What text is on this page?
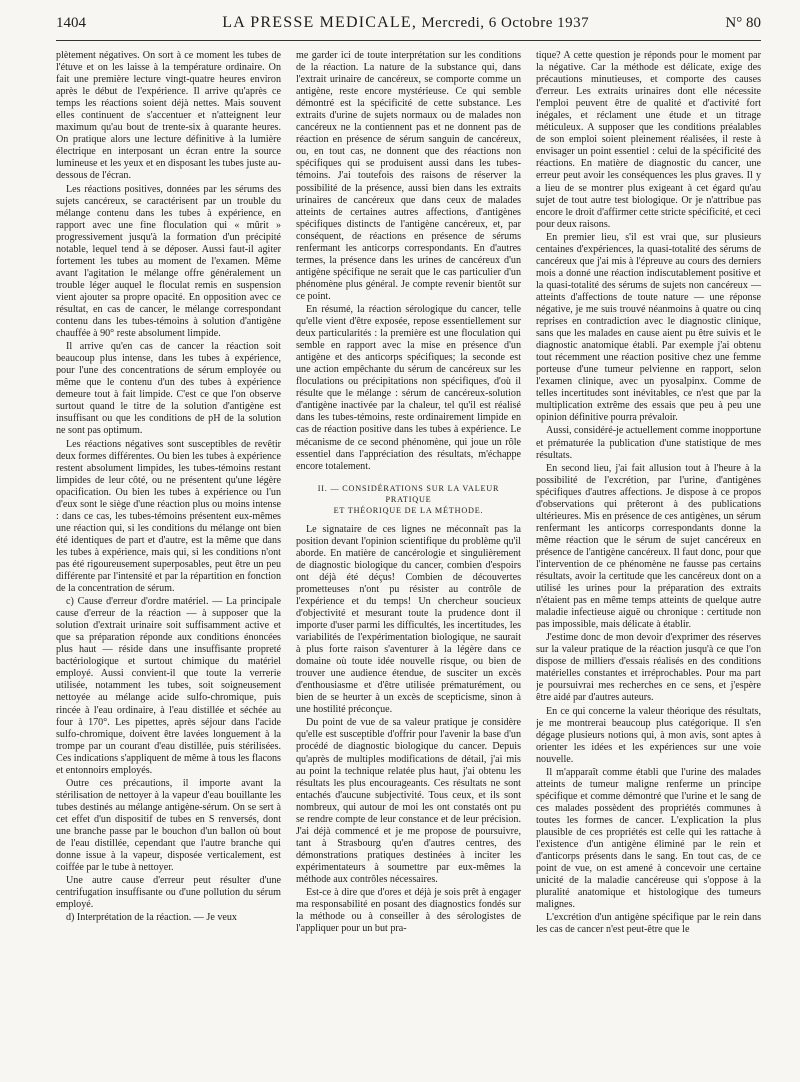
1404	LA PRESSE MEDICALE, Mercredi, 6 Octobre 1937	N° 80

plètement négatives. On sort à ce moment les tubes de l'étuve et on les laisse à la température ordinaire. On fait une première lecture vingt-quatre heures environ après le début de l'expérience. Il arrive qu'après ce temps les réactions soient déjà nettes. Mais souvent elles continuent de s'accentuer et n'atteignent leur maximum qu'au bout de trente-six à quarante heures. On pratique alors une lecture définitive à la lumière électrique en interposant un écran entre la source lumineuse et les yeux et en disposant les tubes juste au-dessous de l'écran.

Les réactions positives, données par les sérums des sujets cancéreux, se caractérisent par un trouble du mélange contenu dans les tubes à expérience, en rapport avec une fine floculation qui « mûrit » progressivement jusqu'à la formation d'un précipité notable, lequel tend à se déposer. Aussi faut-il agiter fortement les tubes au moment de l'examen. Même avant l'agitation le mélange offre généralement un trouble léger auquel le floculat remis en suspension vient ajouter sa propre opacité. En opposition avec ce résultat, en cas de cancer, le mélange correspondant contenu dans les tubes-témoins à solution d'antigène chauffée à 90° reste absolument limpide.

Il arrive qu'en cas de cancer la réaction soit beaucoup plus intense, dans les tubes à expérience, pour l'une des concentrations de sérum employée ou même que le contenu d'un des tubes à expérience demeure tout à fait limpide. C'est ce que l'on observe surtout quand le titre de la solution d'antigène est insuffisant ou que les conditions de pH de la solution ne sont pas optimum.

Les réactions négatives sont susceptibles de revêtir deux formes différentes. Ou bien les tubes à expérience restent absolument limpides, les tubes-témoins restant limpides de leur côté, ou ne présentent qu'une légère opacification. Ou bien les tubes à expérience ou l'un d'eux sont le siège d'une réaction plus ou moins intense : dans ce cas, les tubes-témoins présentent eux-mêmes une réaction qui, si les conditions du mélange ont bien été identiques de part et d'autre, est la même que dans les tubes à expérience, mais qui, si les conditions n'ont pas été rigoureusement superposables, peut être un peu différente par l'intensité et par la répartition en fonction de la concentration de sérum.

c) Cause d'erreur d'ordre matériel. — La principale cause d'erreur de la réaction — à supposer que la solution d'extrait urinaire soit suffisamment active et que sa préparation réponde aux conditions énoncées plus haut — réside dans une insuffisante propreté bactériologique et surtout chimique du matériel employé. Aussi convient-il que toute la verrerie utilisée, notamment les tubes, soit soigneusement nettoyée au mélange acide sulfo-chromique, puis rincée à l'eau ordinaire, à l'eau distillée et séchée au four à 170°. Les pipettes, après séjour dans l'acide sulfo-chromique, doivent être lavées longuement à la trompe par un courant d'eau distillée, puis stérilisées. Ces indications s'appliquent de même à tous les flacons et entonnoirs employés.

Outre ces précautions, il importe avant la stérilisation de nettoyer à la vapeur d'eau bouillante les tubes destinés au mélange antigène-sérum. On se sert à cet effet d'un dispositif de tubes en S renversés, dont une branche passe par le bouchon d'un ballon où bout de l'eau distillée, cependant que l'autre branche qui donne issue à la vapeur, disposée verticalement, est coiffée par le tube à nettoyer.

Une autre cause d'erreur peut résulter d'une centrifugation insuffisante ou d'une pollution du sérum employé.

d) Interprétation de la réaction. — Je veux

me garder ici de toute interprétation sur les conditions de la réaction. La nature de la substance qui, dans l'extrait urinaire de cancéreux, se comporte comme un antigène, reste encore mystérieuse. Ce qui semble démontré est la spécificité de cette substance. Les extraits d'urine de sujets normaux ou de malades non cancéreux ne la contiennent pas et ne donnent pas de réaction en présence de sérum sanguin de cancéreux, ou, en tout cas, ne donnent que des réactions non spécifiques qui se produisent aussi dans les tubes-témoins. J'ai toutefois des raisons de réserver la possibilité de la présence, aussi bien dans les extraits urinaires de cancéreux que dans ceux de malades atteints de certaines autres affections, d'antigènes spécifiques distincts de l'antigène cancéreux, et, par conséquent, de réactions en présence de sérums renfermant les anticorps correspondants. En d'autres termes, la présence dans les urines de cancéreux d'un antigène spécifique ne serait que le cas particulier d'un phénomène plus général. Je compte revenir bientôt sur ce point.

En résumé, la réaction sérologique du cancer, telle qu'elle vient d'être exposée, repose essentiellement sur deux particularités : la première est une floculation qui semble en rapport avec la mise en présence d'un antigène et des anticorps spécifiques; la seconde est une action empêchante du sérum de cancéreux sur les floculations ou précipitations non spécifiques, d'où il résulte que le mélange : sérum de cancéreux-solution d'antigène inactivée par la chaleur, tel qu'il est réalisé dans les tubes-témoins, reste ordinairement limpide en cas de réaction positive dans les tubes à expérience. Le mécanisme de ce second phénomène, qui joue un rôle essentiel dans l'appréciation des résultats, m'échappe encore totalement.

II. — CONSIDÉRATIONS SUR LA VALEUR PRATIQUE
ET THÉORIQUE DE LA MÉTHODE.

Le signataire de ces lignes ne méconnaît pas la position devant l'opinion scientifique du problème qu'il aborde. En matière de cancérologie et singulièrement de diagnostic biologique du cancer, combien d'espoirs ont déjà été déçus! Combien de découvertes prometteuses n'ont pu résister au contrôle de l'expérience et du temps! Un chercheur soucieux d'objectivité et mesurant toute la prudence dont il importe d'user parmi les difficultés, les incertitudes, les variabilités de l'expérimentation biologique, ne saurait à plus forte raison s'aventurer à la légère dans ce domaine où toute idée nouvelle risque, ou bien de trouver une audience étendue, de susciter un excès d'enthousiasme et d'être utilisée prématurément, ou bien de se heurter à un excès de scepticisme, sinon à une hostilité préconçue.

Du point de vue de sa valeur pratique je considère qu'elle est susceptible d'offrir pour l'avenir la base d'un procédé de diagnostic biologique du cancer. Depuis qu'après de multiples modifications de détail, j'ai mis au point la technique relatée plus haut, j'ai obtenu les résultats les plus encourageants. Ces résultats ne sont entachés d'aucune subjectivité. Tous ceux, et ils sont nombreux, qui autour de moi les ont constatés ont pu se rendre compte de leur constance et de leur précision. J'ai déjà commencé et je me propose de poursuivre, tant à Strasbourg qu'en d'autres centres, des démonstrations pratiques destinées à inciter les expérimentateurs à soumettre par eux-mêmes la méthode aux contrôles nécessaires.

Est-ce à dire que d'ores et déjà je sois prêt à engager ma responsabilité en posant des diagnostics fondés sur la méthode ou à conseiller à des sérologistes de l'appliquer pour un but pra-

tique? A cette question je réponds pour le moment par la négative. Car la méthode est délicate, exige des précautions minutieuses, et comporte des causes d'erreur. Les extraits urinaires dont elle nécessite l'emploi peuvent être de qualité et d'activité fort inégales, et réclament une étude et un titrage méticuleux. A supposer que les conditions préalables de son emploi soient pleinement réalisées, il reste à envisager un point essentiel : celui de la spécificité des réactions. En matière de diagnostic du cancer, une erreur peut avoir les conséquences les plus graves. Il y a lieu de se montrer plus exigeant à cet égard qu'au sujet de tout autre test biologique. Or je n'attribue pas encore le droit d'affirmer cette stricte spécificité, et ceci pour deux raisons.

En premier lieu, s'il est vrai que, sur plusieurs centaines d'expériences, la quasi-totalité des sérums de cancéreux que j'ai mis à l'épreuve au cours des derniers mois a donné une réaction indiscutablement positive et la quasi-totalité des sérums de sujets non cancéreux — atteints d'affections de toute nature — une réponse négative, je me suis trouvé néanmoins à quatre ou cinq reprises en contradiction avec le diagnostic clinique, sans que les malades en cause aient pu être suivis et le diagnostic anatomique établi. Par exemple j'ai obtenu tout récemment une réaction positive chez une femme porteuse d'une tumeur pelvienne en rapport, selon l'examen clinique, avec un pyosalpinx. Comme de telles incertitudes sont inévitables, ce n'est que par la multiplication extrême des essais que peu à peu une opinion définitive pourra prévaloir.

Aussi, considéré-je actuellement comme inopportune et prématurée la publication d'une statistique de mes résultats.

En second lieu, j'ai fait allusion tout à l'heure à la possibilité de l'excrétion, par l'urine, d'antigènes spécifiques d'autres affections. Je dispose à ce propos d'observations qui prêteront à des publications ultérieures. Mis en présence de ces antigènes, un sérum renfermant les anticorps correspondants donne la même réaction que le sérum de sujet cancéreux en présence de l'antigène cancéreux. Il faut donc, pour que l'intervention de ce phénomène ne fausse pas certains résultats, avoir la certitude que les cancéreux dont on a utilisé les urines pour la préparation des extraits n'étaient pas en même temps atteints de quelque autre maladie infectieuse aiguë ou chronique : certitude non pas impossible, mais délicate à établir.

J'estime donc de mon devoir d'exprimer des réserves sur la valeur pratique de la réaction jusqu'à ce que l'on dispose de milliers d'essais réalisés en des conditions matérielles constantes et irréprochables. Pour ma part je poursuivrai mes recherches en ce sens, et j'espère être aidé par d'autres auteurs.

En ce qui concerne la valeur théorique des résultats, je me montrerai beaucoup plus catégorique. Il s'en dégage plusieurs notions qui, à mon avis, sont aptes à orienter les idées et les expériences sur une voie nouvelle.

Il m'apparaît comme établi que l'urine des malades atteints de tumeur maligne renferme un principe spécifique et comme démontré que l'urine et le sang de ces malades possèdent des propriétés communes à toutes les formes de cancer. L'explication la plus plausible de ces propriétés est celle qui les rattache à l'existence d'un antigène éliminé par le rein et d'anticorps présents dans le sang. En tout cas, de ce point de vue, on est amené à concevoir une certaine unicité de la maladie cancéreuse qui s'oppose à la pluralité anatomique et histologique des tumeurs malignes.

L'excrétion d'un antigène spécifique par le rein dans les cas de cancer n'est peut-être que le
